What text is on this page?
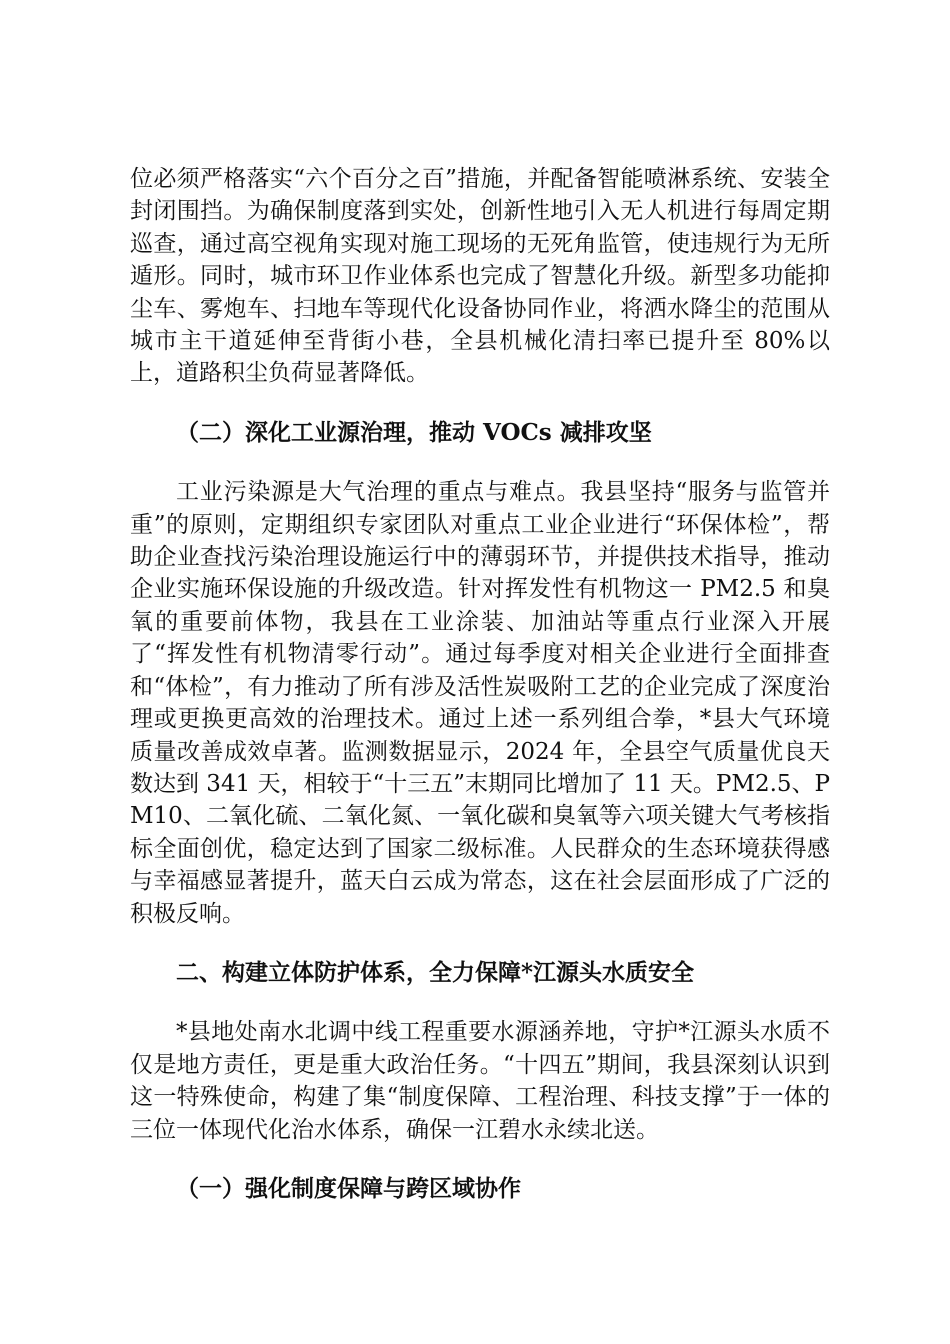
位必须严格落实“六个百分之百”措施，并配备智能喷淋系统、安装全封闭围挡。为确保制度落到实处，创新性地引入无人机进行每周定期巡查，通过高空视角实现对施工现场的无死角监管，使违规行为无所遁形。同时，城市环卫作业体系也完成了智慧化升级。新型多功能抑尘车、雾炮车、扫地车等现代化设备协同作业，将洒水降尘的范围从城市主干道延伸至背街小巷，全县机械化清扫率已提升至 80%以上，道路积尘负荷显著降低。

（二）深化工业源治理，推动 VOCs 减排攻坚

工业污染源是大气治理的重点与难点。我县坚持“服务与监管并重”的原则，定期组织专家团队对重点工业企业进行“环保体检”，帮助企业查找污染治理设施运行中的薄弱环节，并提供技术指导，推动企业实施环保设施的升级改造。针对挥发性有机物这一 PM2.5 和臭氧的重要前体物，我县在工业涂装、加油站等重点行业深入开展了“挥发性有机物清零行动”。通过每季度对相关企业进行全面排查和“体检”，有力推动了所有涉及活性炭吸附工艺的企业完成了深度治理或更换更高效的治理技术。通过上述一系列组合拳，*县大气环境质量改善成效卓著。监测数据显示，2024 年，全县空气质量优良天数达到 341 天，相较于“十三五”末期同比增加了 11 天。PM2.5、PM10、二氧化硫、二氧化氮、一氧化碳和臭氧等六项关键大气考核指标全面创优，稳定达到了国家二级标准。人民群众的生态环境获得感与幸福感显著提升，蓝天白云成为常态，这在社会层面形成了广泛的积极反响。

二、构建立体防护体系，全力保障*江源头水质安全

*县地处南水北调中线工程重要水源涵养地，守护*江源头水质不仅是地方责任，更是重大政治任务。“十四五”期间，我县深刻认识到这一特殊使命，构建了集“制度保障、工程治理、科技支撑”于一体的三位一体现代化治水体系，确保一江碧水永续北送。

（一）强化制度保障与跨区域协作
